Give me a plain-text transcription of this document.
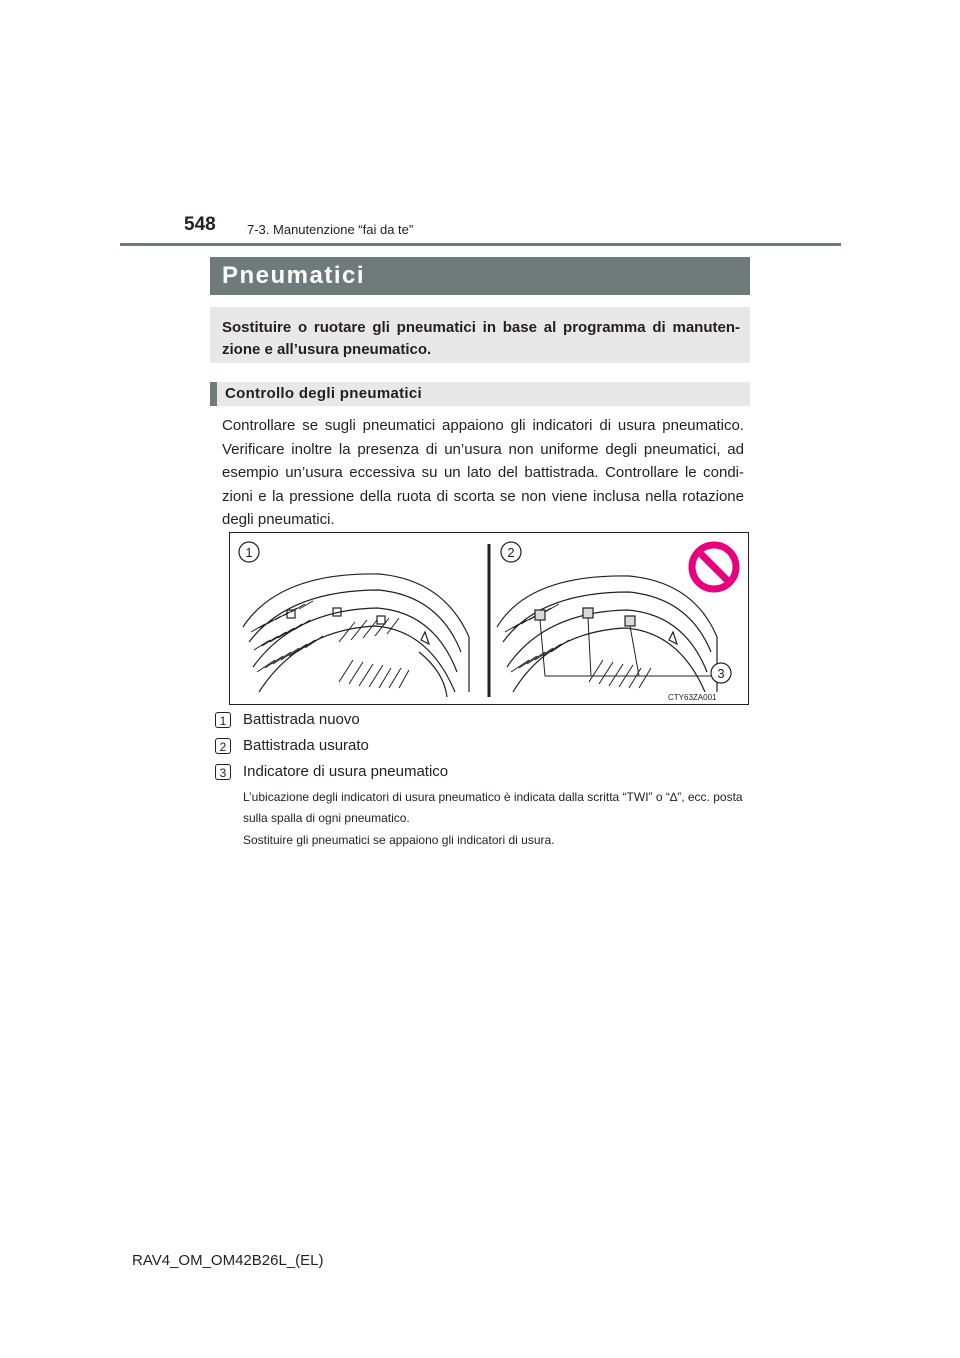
548 7-3. Manutenzione “fai da te”
Pneumatici
Sostituire o ruotare gli pneumatici in base al programma di manuten-zione e all’usura pneumatico.
Controllo degli pneumatici
Controllare se sugli pneumatici appaiono gli indicatori di usura pneumatico. Verificare inoltre la presenza di un’usura non uniforme degli pneumatici, ad esempio un’usura eccessiva su un lato del battistrada. Controllare le condi-zioni e la pressione della ruota di scorta se non viene inclusa nella rotazione degli pneumatici.
1	2
3
CTY63ZA001
1	Battistrada nuovo
2	Battistrada usurato
3	Indicatore di usura pneumatico
L’ubicazione degli indicatori di usura pneumatico è indicata dalla scritta “TWI” o “∆”, ecc. posta sulla spalla di ogni pneumatico.
Sostituire gli pneumatici se appaiono gli indicatori di usura.
RAV4_OM_OM42B26L_(EL)
